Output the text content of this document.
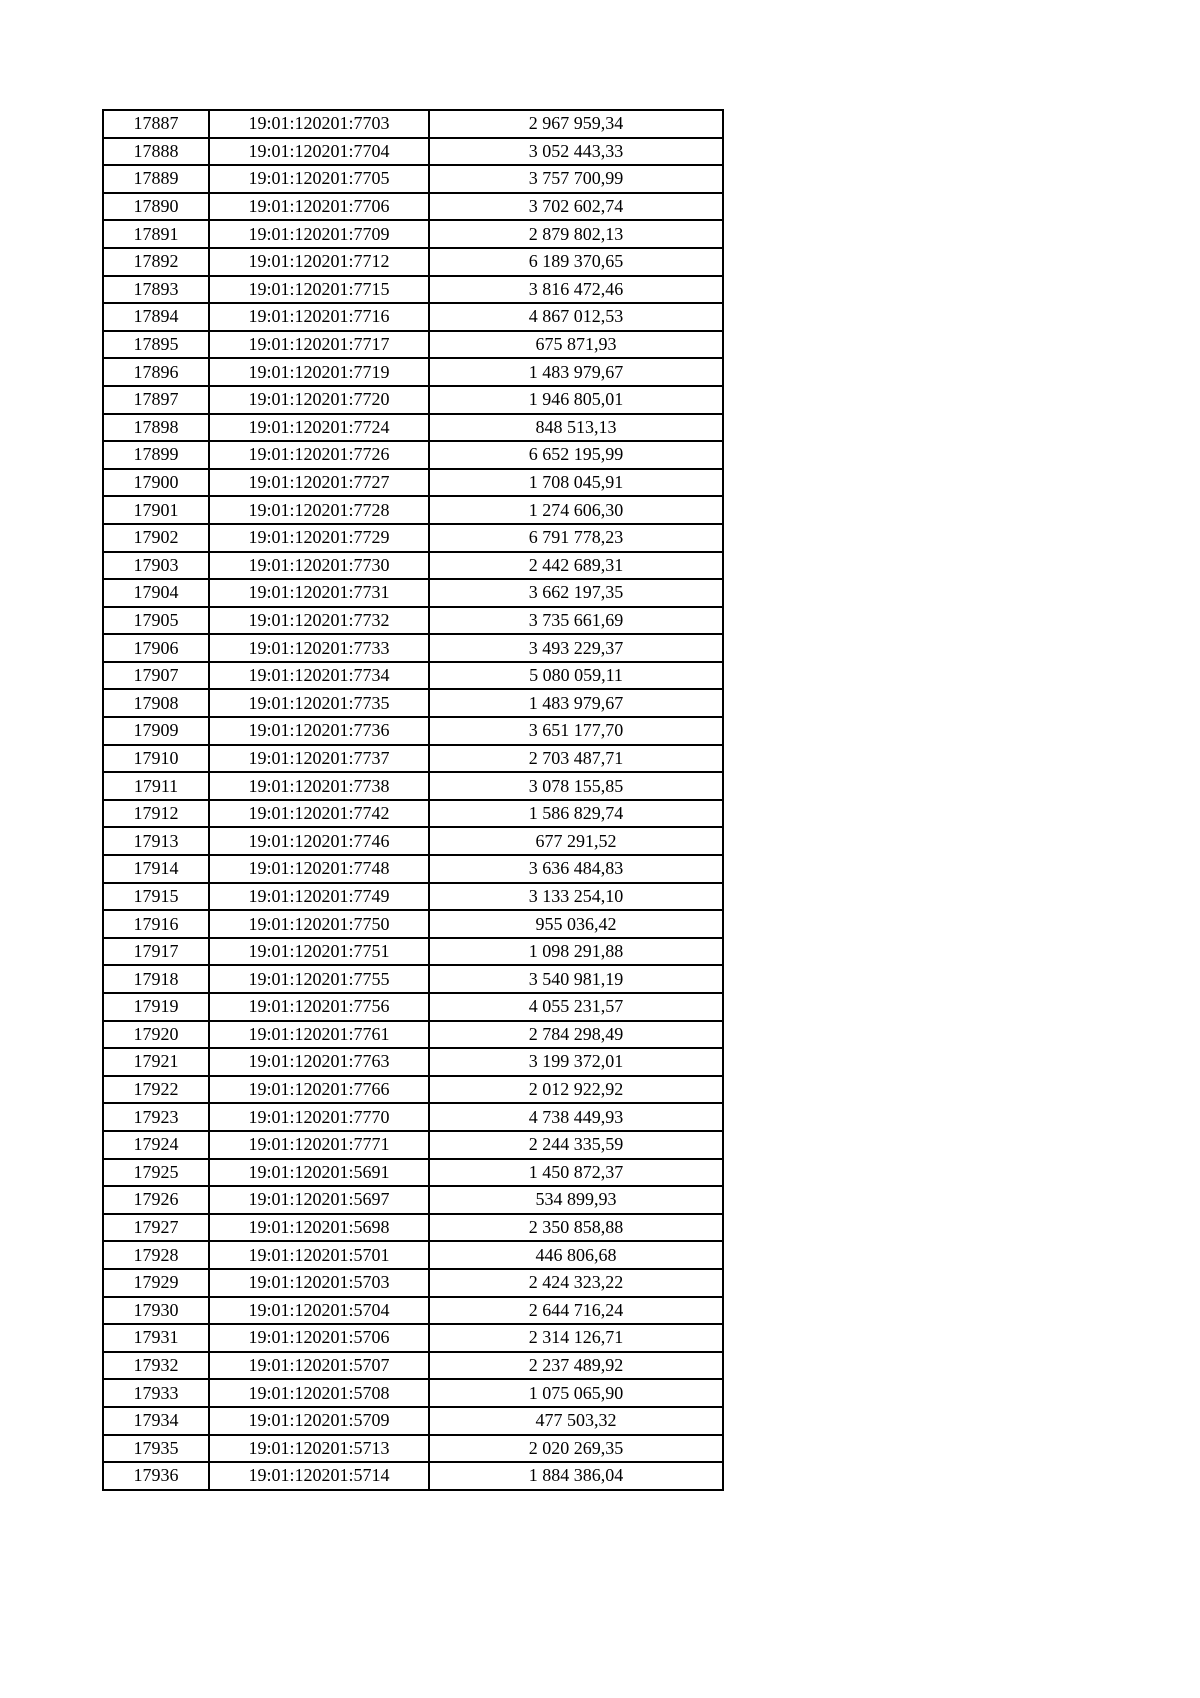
17887	19:01:120201:7703	2 967 959,34
17888	19:01:120201:7704	3 052 443,33
17889	19:01:120201:7705	3 757 700,99
17890	19:01:120201:7706	3 702 602,74
17891	19:01:120201:7709	2 879 802,13
17892	19:01:120201:7712	6 189 370,65
17893	19:01:120201:7715	3 816 472,46
17894	19:01:120201:7716	4 867 012,53
17895	19:01:120201:7717	675 871,93
17896	19:01:120201:7719	1 483 979,67
17897	19:01:120201:7720	1 946 805,01
17898	19:01:120201:7724	848 513,13
17899	19:01:120201:7726	6 652 195,99
17900	19:01:120201:7727	1 708 045,91
17901	19:01:120201:7728	1 274 606,30
17902	19:01:120201:7729	6 791 778,23
17903	19:01:120201:7730	2 442 689,31
17904	19:01:120201:7731	3 662 197,35
17905	19:01:120201:7732	3 735 661,69
17906	19:01:120201:7733	3 493 229,37
17907	19:01:120201:7734	5 080 059,11
17908	19:01:120201:7735	1 483 979,67
17909	19:01:120201:7736	3 651 177,70
17910	19:01:120201:7737	2 703 487,71
17911	19:01:120201:7738	3 078 155,85
17912	19:01:120201:7742	1 586 829,74
17913	19:01:120201:7746	677 291,52
17914	19:01:120201:7748	3 636 484,83
17915	19:01:120201:7749	3 133 254,10
17916	19:01:120201:7750	955 036,42
17917	19:01:120201:7751	1 098 291,88
17918	19:01:120201:7755	3 540 981,19
17919	19:01:120201:7756	4 055 231,57
17920	19:01:120201:7761	2 784 298,49
17921	19:01:120201:7763	3 199 372,01
17922	19:01:120201:7766	2 012 922,92
17923	19:01:120201:7770	4 738 449,93
17924	19:01:120201:7771	2 244 335,59
17925	19:01:120201:5691	1 450 872,37
17926	19:01:120201:5697	534 899,93
17927	19:01:120201:5698	2 350 858,88
17928	19:01:120201:5701	446 806,68
17929	19:01:120201:5703	2 424 323,22
17930	19:01:120201:5704	2 644 716,24
17931	19:01:120201:5706	2 314 126,71
17932	19:01:120201:5707	2 237 489,92
17933	19:01:120201:5708	1 075 065,90
17934	19:01:120201:5709	477 503,32
17935	19:01:120201:5713	2 020 269,35
17936	19:01:120201:5714	1 884 386,04
